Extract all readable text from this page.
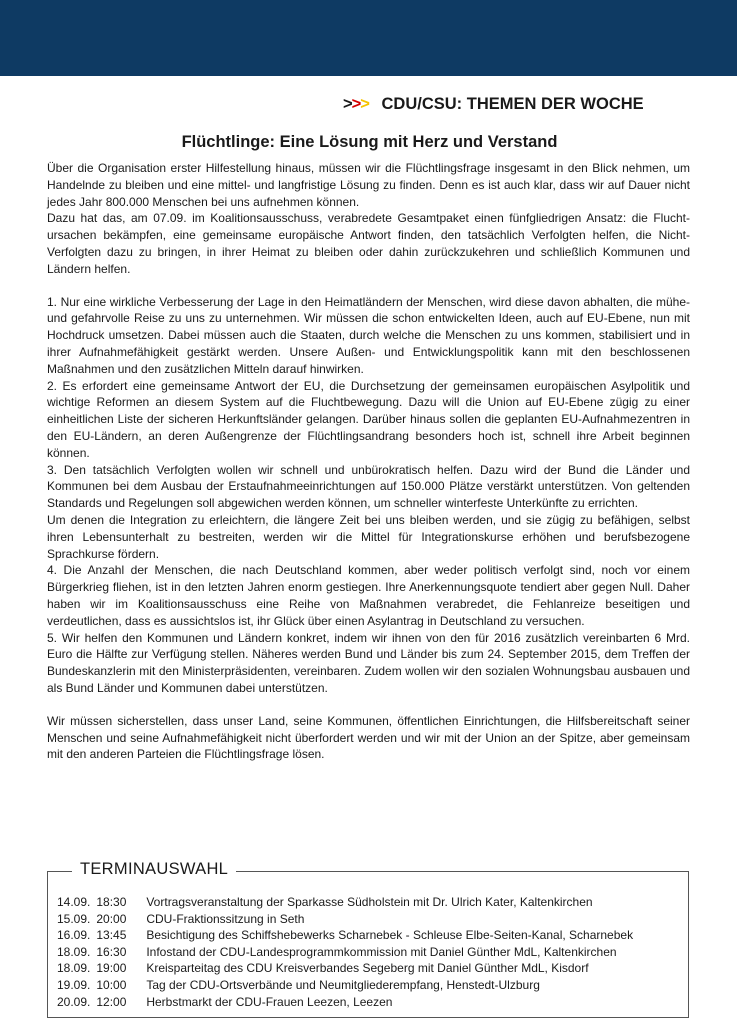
>>> CDU/CSU: THEMEN DER WOCHE
Flüchtlinge: Eine Lösung mit Herz und Verstand

Über die Organisation erster Hilfestellung hinaus, müssen wir die Flüchtlingsfrage insgesamt in den Blick nehmen, um Handelnde zu bleiben und eine mittel- und langfristige Lösung zu finden. Denn es ist auch klar, dass wir auf Dauer nicht jedes Jahr 800.000 Menschen bei uns aufnehmen können.

Dazu hat das, am 07.09. im Koalitionsausschuss, verabredete Gesamtpaket einen fünfgliedrigen Ansatz: die Flucht-ursachen bekämpfen, eine gemeinsame europäische Antwort finden, den tatsächlich Verfolgten helfen, die Nicht-Verfolgten dazu zu bringen, in ihrer Heimat zu bleiben oder dahin zurückzukehren und schließlich Kommunen und Ländern helfen.

1. Nur eine wirkliche Verbesserung der Lage in den Heimatländern der Menschen, wird diese davon abhalten, die mühe- und gefahrvolle Reise zu uns zu unternehmen. Wir müssen die schon entwickelten Ideen, auch auf EU-Ebene, nun mit Hochdruck umsetzen. Dabei müssen auch die Staaten, durch welche die Menschen zu uns kommen, stabilisiert und in ihrer Aufnahmefähigkeit gestärkt werden. Unsere Außen- und Entwicklungspolitik kann mit den beschlossenen Maßnahmen und den zusätzlichen Mitteln darauf hinwirken.

2. Es erfordert eine gemeinsame Antwort der EU, die Durchsetzung der gemeinsamen europäischen Asylpolitik und wichtige Reformen an diesem System auf die Fluchtbewegung. Dazu will die Union auf EU-Ebene zügig zu einer einheitlichen Liste der sicheren Herkunftsländer gelangen. Darüber hinaus sollen die geplanten EU-Aufnahmezentren in den EU-Ländern, an deren Außengrenze der Flüchtlingsandrang besonders hoch ist, schnell ihre Arbeit beginnen können.

3. Den tatsächlich Verfolgten wollen wir schnell und unbürokratisch helfen. Dazu wird der Bund die Länder und Kommunen bei dem Ausbau der Erstaufnahmeeinrichtungen auf 150.000 Plätze verstärkt unterstützen. Von geltenden Standards und Regelungen soll abgewichen werden können, um schneller winterfeste Unterkünfte zu errichten.

Um denen die Integration zu erleichtern, die längere Zeit bei uns bleiben werden, und sie zügig zu befähigen, selbst ihren Lebensunterhalt zu bestreiten, werden wir die Mittel für Integrationskurse erhöhen und berufsbezogene Sprachkurse fördern.

4. Die Anzahl der Menschen, die nach Deutschland kommen, aber weder politisch verfolgt sind, noch vor einem Bürgerkrieg fliehen, ist in den letzten Jahren enorm gestiegen. Ihre Anerkennungsquote tendiert aber gegen Null. Daher haben wir im Koalitionsausschuss eine Reihe von Maßnahmen verabredet, die Fehlanreize beseitigen und verdeutlichen, dass es aussichtslos ist, ihr Glück über einen Asylantrag in Deutschland zu versuchen.

5. Wir helfen den Kommunen und Ländern konkret, indem wir ihnen von den für 2016 zusätzlich vereinbarten 6 Mrd. Euro die Hälfte zur Verfügung stellen. Näheres werden Bund und Länder bis zum 24. September 2015, dem Treffen der Bundeskanzlerin mit den Ministerpräsidenten, vereinbaren. Zudem wollen wir den sozialen Wohnungsbau ausbauen und als Bund Länder und Kommunen dabei unterstützen.

Wir müssen sicherstellen, dass unser Land, seine Kommunen, öffentlichen Einrichtungen, die Hilfsbereitschaft seiner Menschen und seine Aufnahmefähigkeit nicht überfordert werden und wir mit der Union an der Spitze, aber gemeinsam mit den anderen Parteien die Flüchtlingsfrage lösen.

TERMINAUSWAHL
14.09. 18:30 Vortragsveranstaltung der Sparkasse Südholstein mit Dr. Ulrich Kater, Kaltenkirchen
15.09. 20:00 CDU-Fraktionssitzung in Seth
16.09. 13:45 Besichtigung des Schiffshebewerks Scharnebek - Schleuse Elbe-Seiten-Kanal, Scharnebek
18.09. 16:30 Infostand der CDU-Landesprogrammkommission mit Daniel Günther MdL, Kaltenkirchen
18.09. 19:00 Kreisparteitag des CDU Kreisverbandes Segeberg mit Daniel Günther MdL, Kisdorf
19.09. 10:00 Tag der CDU-Ortsverbände und Neumitgliederempfang, Henstedt-Ulzburg
20.09. 12:00 Herbstmarkt der CDU-Frauen Leezen, Leezen
